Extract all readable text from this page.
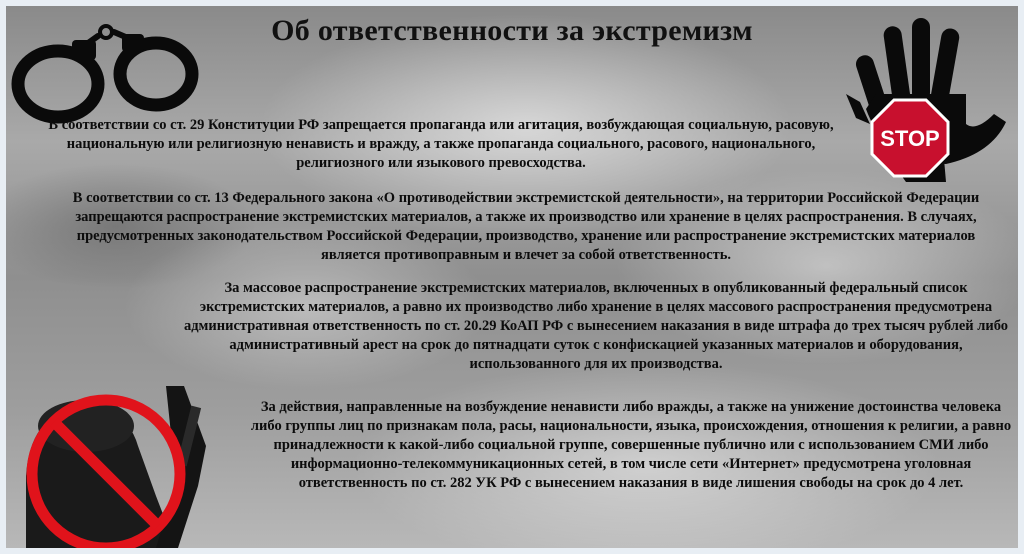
Об ответственности за экстремизм
STOP

В соответствии со ст. 29 Конституции РФ запрещается пропаганда или агитация, возбуждающая социальную, расовую, национальную или религиозную ненависть и вражду, а также пропаганда социального, расового, национального, религиозного или языкового превосходства.

В соответствии со ст. 13 Федерального закона «О противодействии экстремистской деятельности», на территории Российской Федерации запрещаются распространение экстремистских материалов, а также их производство или хранение в целях распространения. В случаях, предусмотренных законодательством Российской Федерации, производство, хранение или распространение экстремистских материалов является противоправным и влечет за собой ответственность.

За массовое распространение экстремистских материалов, включенных в опубликованный федеральный список экстремистских материалов, а равно их производство либо хранение в целях массового распространения предусмотрена административная ответственность по ст. 20.29 КоАП РФ с вынесением наказания в виде штрафа до трех тысяч рублей либо административный арест на срок до пятнадцати суток с конфискацией указанных материалов и оборудования, использованного для их производства.

За действия, направленные на возбуждение ненависти либо вражды, а также на унижение достоинства человека либо группы лиц по признакам пола, расы, национальности, языка, происхождения, отношения к религии, а равно принадлежности к какой-либо социальной группе, совершенные публично или с использованием СМИ либо информационно-телекоммуникационных сетей, в том числе сети «Интернет» предусмотрена уголовная ответственность по ст. 282 УК РФ с вынесением наказания в виде лишения свободы на срок до 4 лет.
